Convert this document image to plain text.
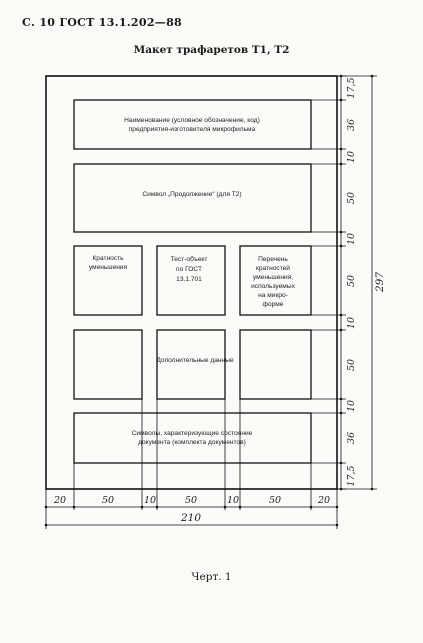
С. 10 ГОСТ 13.1.202—88
Макет трафаретов Т1, Т2
Наименование (условное обозначение, код)
предприятия-изготовителя микрофильма
Символ „Продолжение“ (для Т2)
Кратность
уменьшения
Тест-объект
по ГОСТ
13.1.701
Перечень
кратностей
уменьшения,
используемых
на микро-
форме
Дополнительные данные
Символы, характеризующие состояние
документа (комплекта документов)
17,5
36
10
50
10
50
10
50
10
36
17,5
297
20	50	10	50	10	50	20
210
Черт. 1
